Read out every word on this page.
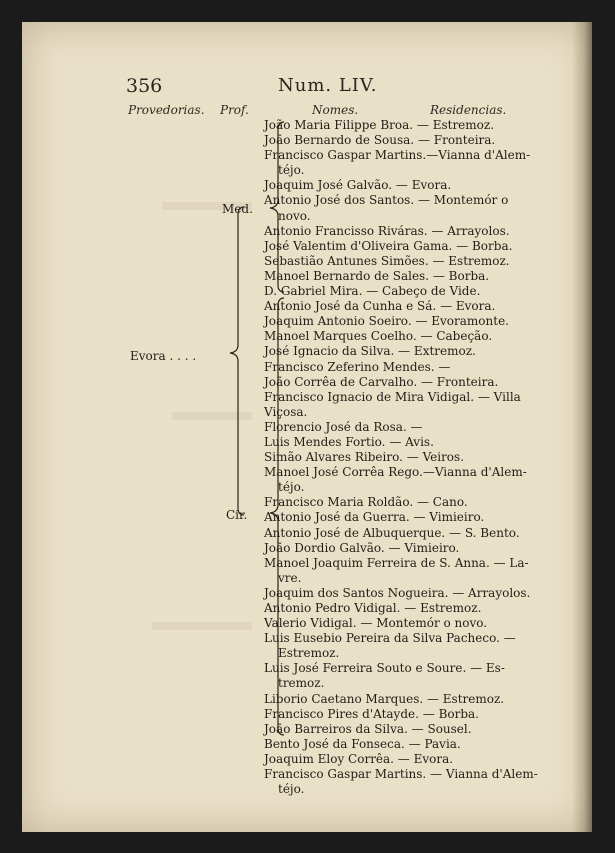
356	Num. LIV.
Provedorias. Prof.	Nomes.	Residencias.
Evora . . . .
Med.
Cir.
João Maria Filippe Broa. — Estremoz.
João Bernardo de Sousa. — Fronteira.
Francisco Gaspar Martins.—Vianna d'Alem-
téjo.
Joaquim José Galvão. — Evora.
Antonio José dos Santos. — Montemór o
novo.
Antonio Francisso Riváras. — Arrayolos.
José Valentim d'Oliveira Gama. — Borba.
Sebastião Antunes Simões. — Estremoz.
Manoel Bernardo de Sales. — Borba.
D. Gabriel Mira. — Cabeço de Vide.
Antonio José da Cunha e Sá. — Evora.
Joaquim Antonio Soeiro. — Evoramonte.
Manoel Marques Coelho. — Cabeção.
José Ignacio da Silva. — Extremoz.
Francisco Zeferino Mendes. —
João Corrêa de Carvalho. — Fronteira.
Francisco Ignacio de Mira Vidigal. — Villa
Viçosa.
Florencio José da Rosa. —
Luis Mendes Fortio. — Avis.
Simão Alvares Ribeiro. — Veiros.
Manoel José Corrêa Rego.—Vianna d'Alem-
téjo.
Francisco Maria Roldão. — Cano.
Antonio José da Guerra. — Vimieiro.
Antonio José de Albuquerque. — S. Bento.
João Dordio Galvão. — Vimieiro.
Manoel Joaquim Ferreira de S. Anna. — La-
vre.
Joaquim dos Santos Nogueira. — Arrayolos.
Antonio Pedro Vidigal. — Estremoz.
Valerio Vidigal. — Montemór o novo.
Luis Eusebio Pereira da Silva Pacheco. —
Estremoz.
Luis José Ferreira Souto e Soure. — Es-
tremoz.
Liborio Caetano Marques. — Estremoz.
Francisco Pires d'Atayde. — Borba.
João Barreiros da Silva. — Sousel.
Bento José da Fonseca. — Pavia.
Joaquim Eloy Corrêa. — Evora.
Francisco Gaspar Martins. — Vianna d'Alem-
téjo.
